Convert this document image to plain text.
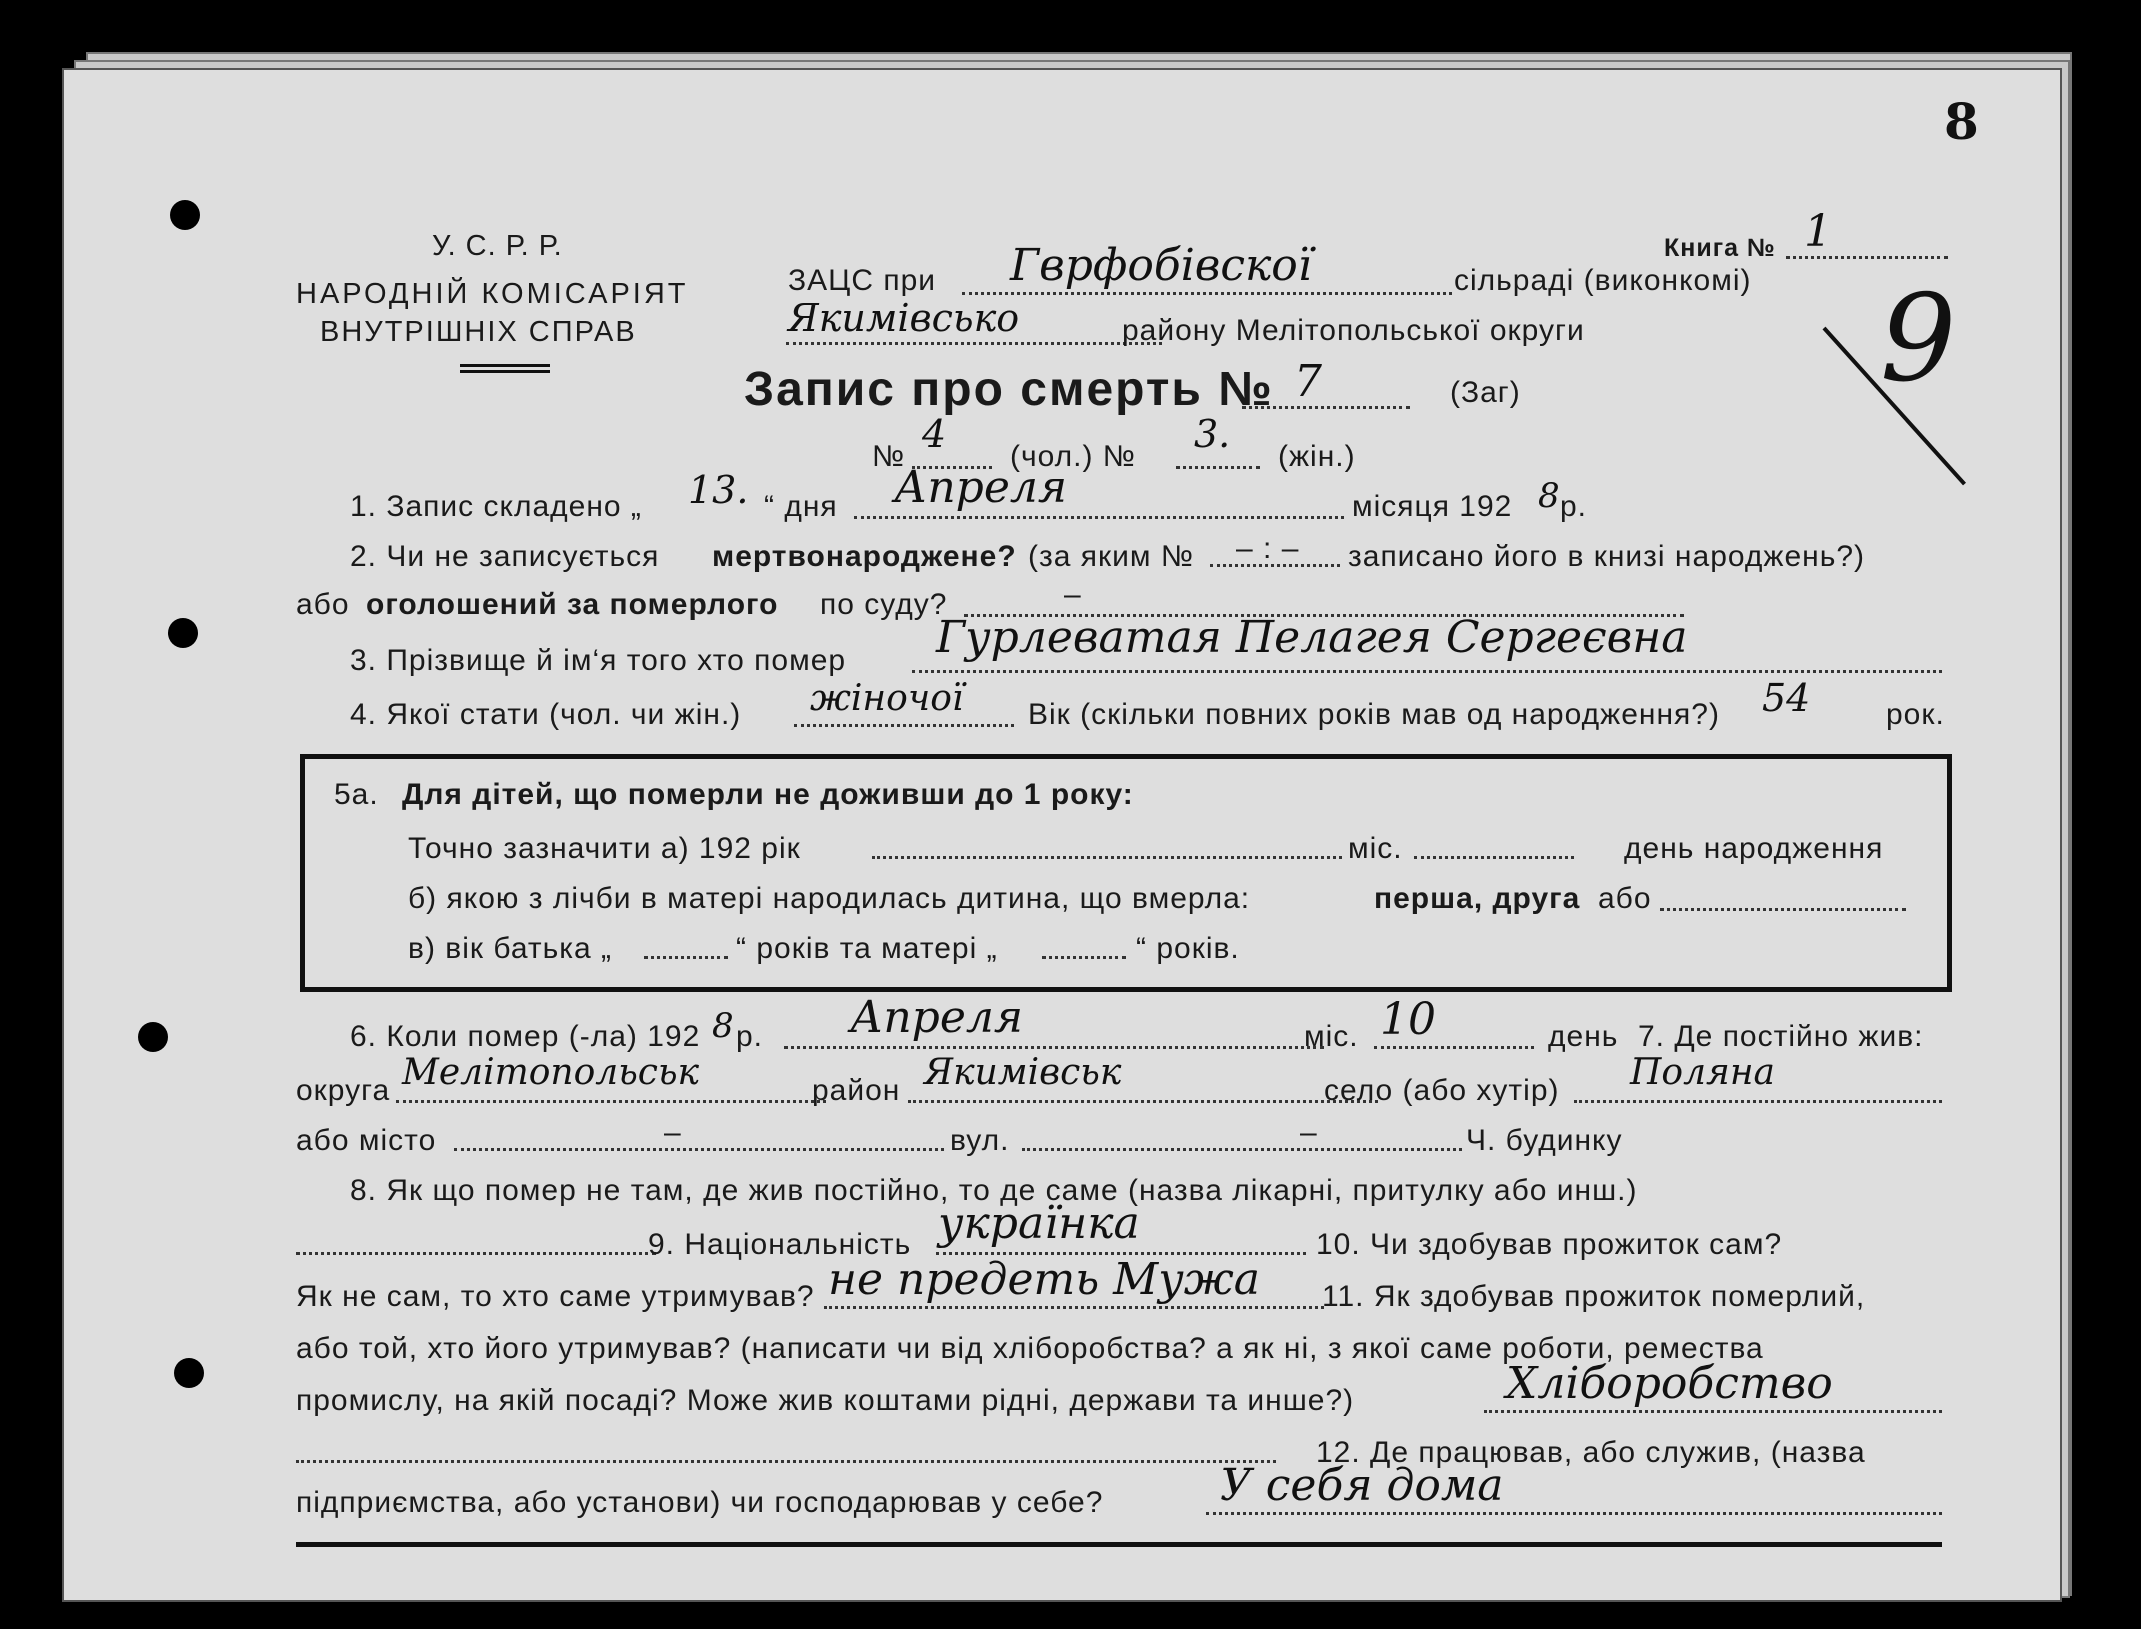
У. С. Р. Р.
НАРОДНІЙ КОМІСАРІЯТ
ВНУТРІШНІХ СПРАВ
ЗАЦС при Гврфобівскої	сільраді (виконкомі)
Якимівсько	району Мелітопольської округи
Книга № 1
8
9
Запис про смерть № 7	(Заг)
№
4
(чол.) №
3.
(жін.)
1. Запис складено „ 13. “ дня Апреля	місяця 192 8 р.
2. Чи не записується мертвонароджене? (за яким № – : – записано його в книзі народжень?)
або оголошений за померлого по суду?	–
3. Прізвище й ім‘я того хто помер Гурлеватая Пелагея Сергеєвна
4. Якої стати (чол. чи жін.) жіночої Вік (скільки повних років мав од народження?) 54	рок.
5а. Для дітей, що померли не доживши до 1 року:
Точно зазначити а) 192 рік	міс.	день народження
б) якою з лічби в матері народилась дитина, що вмерла:	перша, друга або
в) вік батька „	“ років та матері „	“ років.
6. Коли помер (-ла) 192 8 р. Апреля	міс. 10	день 7. Де постійно жив:
округа Мелітопольськ	район Якимівськ	село (або хутір) Поляна
або місто	–	вул.	–	Ч. будинку
8. Як що помер не там, де жив постійно, то де саме (назва лікарні, притулку або инш.)
9. Національність українка	10. Чи здобував прожиток сам?
Як не сам, то хто саме утримував? не предеть Мужа 11. Як здобував прожиток померлий,
або той, хто його утримував? (написати чи від хліборобства? а як ні, з якої саме роботи, ремества
промислу, на якій посаді? Може жив коштами рідні, держави та инше?)	Хліборобство
12. Де працював, або служив, (назва
підприємства, або установи) чи господарював у себе?	У себя дома
